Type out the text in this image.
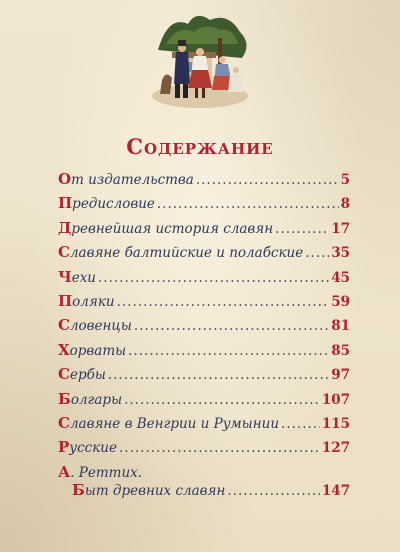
Содержание
От издательства .....	5
Предисловие .....	8
Древнейшая история славян .....	17
Славяне балтийские и полабские ..... 35
Чехи .....	45
Поляки .....	59
Словенцы .....	81
Хорваты .....	85
Сербы .....	97
Болгары .....	107
Славяне в Венгрии и Румынии .....	115
Русские .....	127
А. Реттих.
Быт древних славян .....	147
